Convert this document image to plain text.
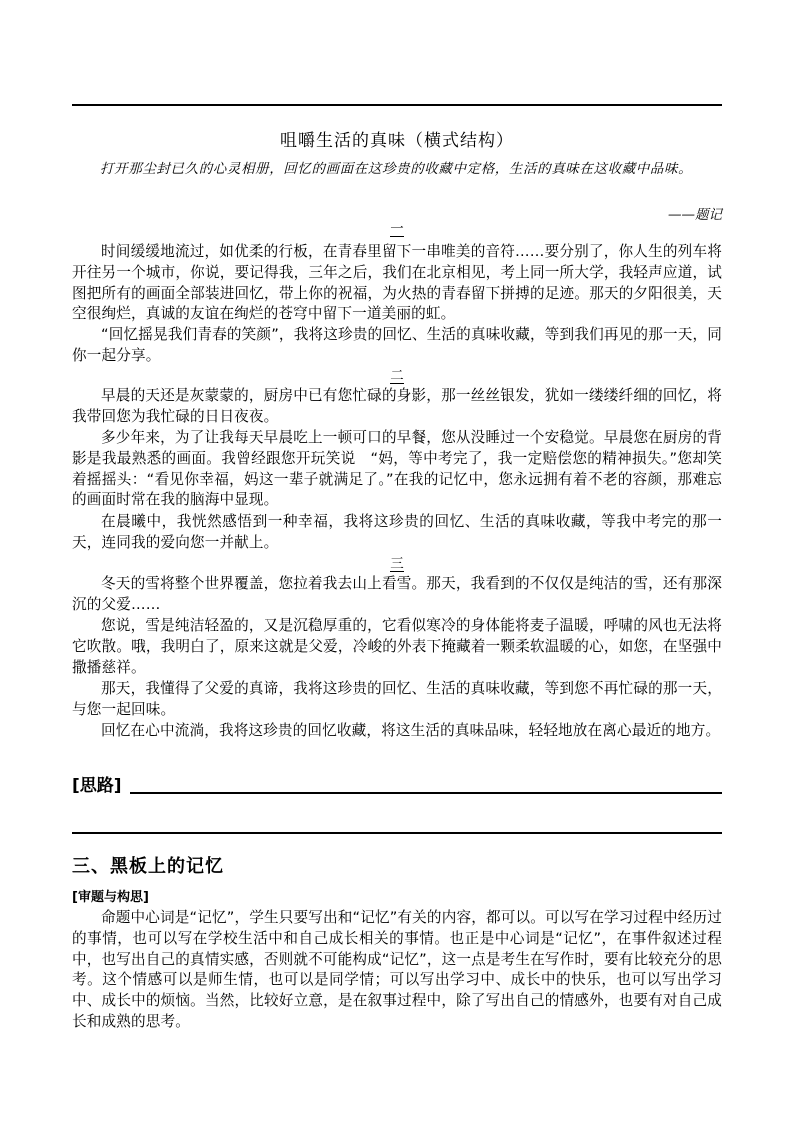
咀嚼生活的真味（横式结构）
打开那尘封已久的心灵相册，回忆的画面在这珍贵的收藏中定格，生活的真味在这收藏中品味。
——题记
一
时间缓缓地流过，如优柔的行板，在青春里留下一串唯美的音符……要分别了，你人生的列车将开往另一个城市，你说，要记得我，三年之后，我们在北京相见，考上同一所大学，我轻声应道，试图把所有的画面全部装进回忆，带上你的祝福，为火热的青春留下拼搏的足迹。那天的夕阳很美，天空很绚烂，真诚的友谊在绚烂的苍穹中留下一道美丽的虹。
“回忆摇晃我们青春的笑颜”，我将这珍贵的回忆、生活的真味收藏，等到我们再见的那一天，同你一起分享。
二
早晨的天还是灰蒙蒙的，厨房中已有您忙碌的身影，那一丝丝银发，犹如一缕缕纤细的回忆，将我带回您为我忙碌的日日夜夜。
多少年来，为了让我每天早晨吃上一顿可口的早餐，您从没睡过一个安稳觉。早晨您在厨房的背影是我最熟悉的画面。我曾经跟您开玩笑说　“妈，等中考完了，我一定赔偿您的精神损失。”您却笑着摇摇头：“看见你幸福，妈这一辈子就满足了。”在我的记忆中，您永远拥有着不老的容颜，那难忘的画面时常在我的脑海中显现。
在晨曦中，我恍然感悟到一种幸福，我将这珍贵的回忆、生活的真味收藏，等我中考完的那一天，连同我的爱向您一并献上。
三
冬天的雪将整个世界覆盖，您拉着我去山上看雪。那天，我看到的不仅仅是纯洁的雪，还有那深沉的父爱……
您说，雪是纯洁轻盈的，又是沉稳厚重的，它看似寒冷的身体能将麦子温暖，呼啸的风也无法将它吹散。哦，我明白了，原来这就是父爱，冷峻的外表下掩藏着一颗柔软温暖的心，如您，在坚强中撒播慈祥。
那天，我懂得了父爱的真谛，我将这珍贵的回忆、生活的真味收藏，等到您不再忙碌的那一天，与您一起回味。
回忆在心中流淌，我将这珍贵的回忆收藏，将这生活的真味品味，轻轻地放在离心最近的地方。
[思路]
三、黑板上的记忆
[审题与构思]
命题中心词是“记忆”，学生只要写出和“记忆”有关的内容，都可以。可以写在学习过程中经历过的事情，也可以写在学校生活中和自己成长相关的事情。也正是中心词是“记忆”，在事件叙述过程中，也写出自己的真情实感，否则就不可能构成“记忆”，这一点是考生在写作时，要有比较充分的思考。这个情感可以是师生情，也可以是同学情；可以写出学习中、成长中的快乐，也可以写出学习中、成长中的烦恼。当然，比较好立意，是在叙事过程中，除了写出自己的情感外，也要有对自己成长和成熟的思考。
